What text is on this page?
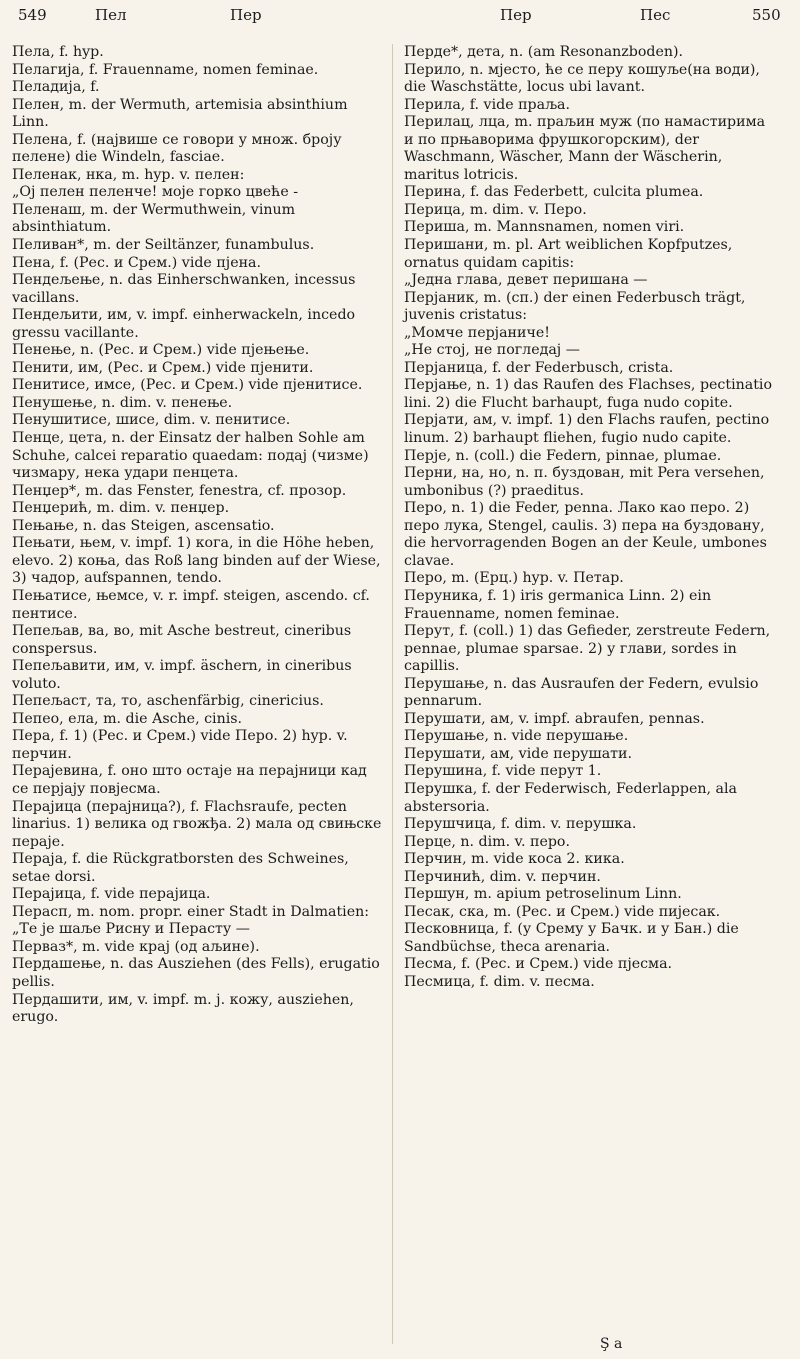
549	Пел	Пер	Пер	Пес	550

Пела, f. hyp.

Пелагија, f. Frauenname, nomen feminae.

Пеладија, f.

Пелен, m. der Wermuth, artemisia absinthium Linn.

Пелена, f. (највише се говори у множ. броју пелене) die Windeln, fasciae.

Пеленак, нка, m. hyp. v. пелен:

„Oj пелен пеленче! моје горко цвеће -

Пеленаш, m. der Wermuthwein, vinum absinthiatum.

Пеливан*, m. der Seiltänzer, funambulus.

Пена, f. (Рес. и Срем.) vide пјена.

Пендељење, n. das Einherschwanken, incessus vacillans.

Пендељити, им, v. impf. einherwackeln, incedo gressu vacillante.

Пенење, n. (Рес. и Срем.) vide пјењење.

Пенити, им, (Рес. и Срем.) vide пјенити.

Пенитисе, имсе, (Рес. и Срем.) vide пјенитисе.

Пенушење, n. dim. v. пенење.

Пенушитисе, шисе, dim. v. пенитисе.

Пенце, цета, n. der Einsatz der halben Sohle am Schuhe, calcei reparatio quaedam: подај (чизме) чизмару, нека удари пенцета.

Пенџер*, m. das Fenster, fenestra, cf. прозор.

Пенџерић, m. dim. v. пенџер.

Пењање, n. das Steigen, ascensatio.

Пењати, њем, v. impf. 1) кога, in die Höhe heben, elevo. 2) коња, das Roß lang binden auf der Wiese, 3) чадор, aufspannen, tendo.

Пењатисе, њемсе, v. r. impf. steigen, ascendo. cf. пентисе.

Пепељав, ва, во, mit Asche bestreut, cineribus conspersus.

Пепељавити, им, v. impf. äschern, in cineribus voluto.

Пепељаст, та, то, aschenfärbig, cinericius.

Пепео, ела, m. die Asche, cinis.

Пера, f. 1) (Рес. и Срем.) vide Перо. 2) hyp. v. перчин.

Перајевина, f. оно што остаје на перајници кад се перјају повјесма.

Перајица (перајница?), f. Flachsraufe, pecten linarius. 1) велика од гвожђа. 2) мала од свињске пераје.

Пераја, f. die Rückgratborsten des Schweines, setae dorsi.

Перајица, f. vide перајица.

Перасп, m. nom. propr. einer Stadt in Dalmatien:

„Те је шаље Рисну и Перасту —

Перваз*, m. vide крај (од аљине).

Пердашење, n. das Ausziehen (des Fells), erugatio pellis.

Пердашити, им, v. impf. m. j. кожу, ausziehen, erugo.

Перде*, дета, n. (am Resonanzboden).

Перило, n. мјесто, ће се перу кошуље(на води), die Waschstätte, locus ubi lavant.

Перила, f. vide праља.

Перилац, лца, m. праљин муж (по намастирима и по прњаворима фрушкогорским), der Waschmann, Wäscher, Mann der Wäscherin, maritus lotricis.

Перина, f. das Federbett, culcita plumea.

Перица, m. dim. v. Перо.

Периша, m. Mannsnamen, nomen viri.

Перишани, m. pl. Art weiblichen Kopfputzes, ornatus quidam capitis:

„Једна глава, девет перишана —

Перјаник, m. (сп.) der einen Federbusch trägt, juvenis cristatus:

„Момче перјаниче!

„Не стој, не погледај —

Перјаница, f. der Federbusch, crista.

Перјање, n. 1) das Raufen des Flachses, pectinatio lini. 2) die Flucht barhaupt, fuga nudo copite.

Перјати, ам, v. impf. 1) den Flachs raufen, pectino linum. 2) barhaupt fliehen, fugio nudo capite.

Перје, n. (coll.) die Federn, pinnae, plumae.

Перни, на, но, n. п. буздован, mit Pera versehen, umbonibus (?) praeditus.

Перо, n. 1) die Feder, penna. Лако као перо. 2) перо лука, Stengel, caulis. 3) пера на буздовану, die hervorragenden Bogen an der Keule, umbones clavae.

Перо, m. (Ерц.) hyp. v. Петар.

Перуника, f. 1) iris germanica Linn. 2) ein Frauenname, nomen feminae.

Перут, f. (coll.) 1) das Gefieder, zerstreute Federn, pennae, plumae sparsae. 2) у глави, sordes in capillis.

Перушање, n. das Ausraufen der Federn, evulsio pennarum.

Перушати, ам, v. impf. abraufen, pennas.

Перушање, n. vide перушање.

Перушати, ам, vide перушати.

Перушина, f. vide перут 1.

Перушка, f. der Federwisch, Federlappen, ala abstersoria.

Перушчица, f. dim. v. перушка.

Перце, n. dim. v. перо.

Перчин, m. vide коса 2. кика.

Перчинић, dim. v. перчин.

Першун, m. apium petroselinum Linn.

Песак, ска, m. (Рес. и Срем.) vide пијесак.

Песковница, f. (у Срему у Бачк. и у Бан.) die Sandbüchse, theca arenaria.

Песма, f. (Рес. и Срем.) vide пјесма.

Песмица, f. dim. v. песма.

Ş a
